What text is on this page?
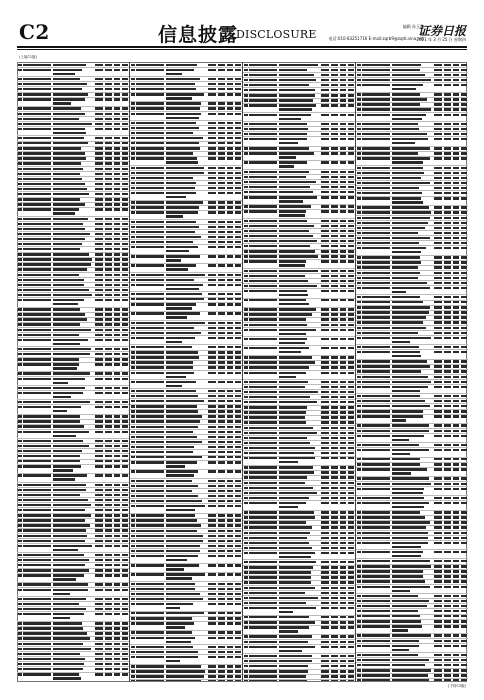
C2	信息披露
DISCLOSURE
编辑 孙玉鹏
电话:010-83251716 E-mail:zqrb9@zqrb.sina.net
证券日报
2021 年 3 月 25 日 星期四
(上接C1版)
(下转C3版)
